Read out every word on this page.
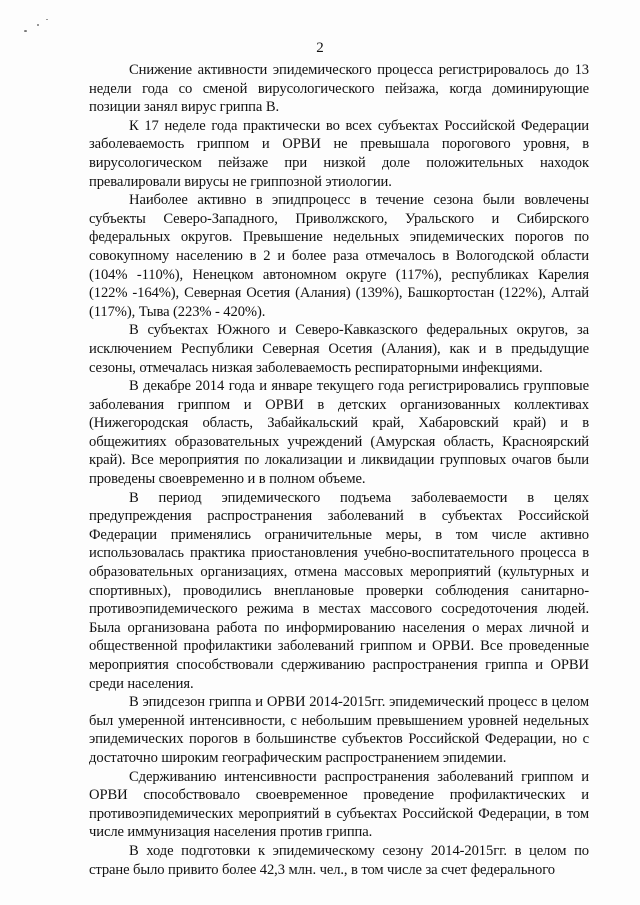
2

Снижение активности эпидемического процесса регистрировалось до 13 недели года со сменой вирусологического пейзажа, когда доминирующие позиции занял вирус гриппа В.

К 17 неделе года практически во всех субъектах Российской Федерации заболеваемость гриппом и ОРВИ не превышала порогового уровня, в вирусологическом пейзаже при низкой доле положительных находок превалировали вирусы не гриппозной этиологии.

Наиболее активно в эпидпроцесс в течение сезона были вовлечены субъекты Северо-Западного, Приволжского, Уральского и Сибирского федеральных округов. Превышение недельных эпидемических порогов по совокупному населению в 2 и более раза отмечалось в Вологодской области (104% -110%), Ненецком автономном округе (117%), республиках Карелия (122% -164%), Северная Осетия (Алания) (139%), Башкортостан (122%), Алтай (117%), Тыва (223% - 420%).

В субъектах Южного и Северо-Кавказского федеральных округов, за исключением Республики Северная Осетия (Алания), как и в предыдущие сезоны, отмечалась низкая заболеваемость респираторными инфекциями.

В декабре 2014 года и январе текущего года регистрировались групповые заболевания гриппом и ОРВИ в детских организованных коллективах (Нижегородская область, Забайкальский край, Хабаровский край) и в общежитиях образовательных учреждений (Амурская область, Красноярский край). Все мероприятия по локализации и ликвидации групповых очагов были проведены своевременно и в полном объеме.

В период эпидемического подъема заболеваемости в целях предупреждения распространения заболеваний в субъектах Российской Федерации применялись ограничительные меры, в том числе активно использовалась практика приостановления учебно-воспитательного процесса в образовательных организациях, отмена массовых мероприятий (культурных и спортивных), проводились внеплановые проверки соблюдения санитарно-противоэпидемического режима в местах массового сосредоточения людей. Была организована работа по информированию населения о мерах личной и общественной профилактики заболеваний гриппом и ОРВИ. Все проведенные мероприятия способствовали сдерживанию распространения гриппа и ОРВИ среди населения.

В эпидсезон гриппа и ОРВИ 2014-2015гг. эпидемический процесс в целом был умеренной интенсивности, с небольшим превышением уровней недельных эпидемических порогов в большинстве субъектов Российской Федерации, но с достаточно широким географическим распространением эпидемии.

Сдерживанию интенсивности распространения заболеваний гриппом и ОРВИ способствовало своевременное проведение профилактических и противоэпидемических мероприятий в субъектах Российской Федерации, в том числе иммунизация населения против гриппа.

В ходе подготовки к эпидемическому сезону 2014-2015гг. в целом по стране было привито более 42,3 млн. чел., в том числе за счет федерального
